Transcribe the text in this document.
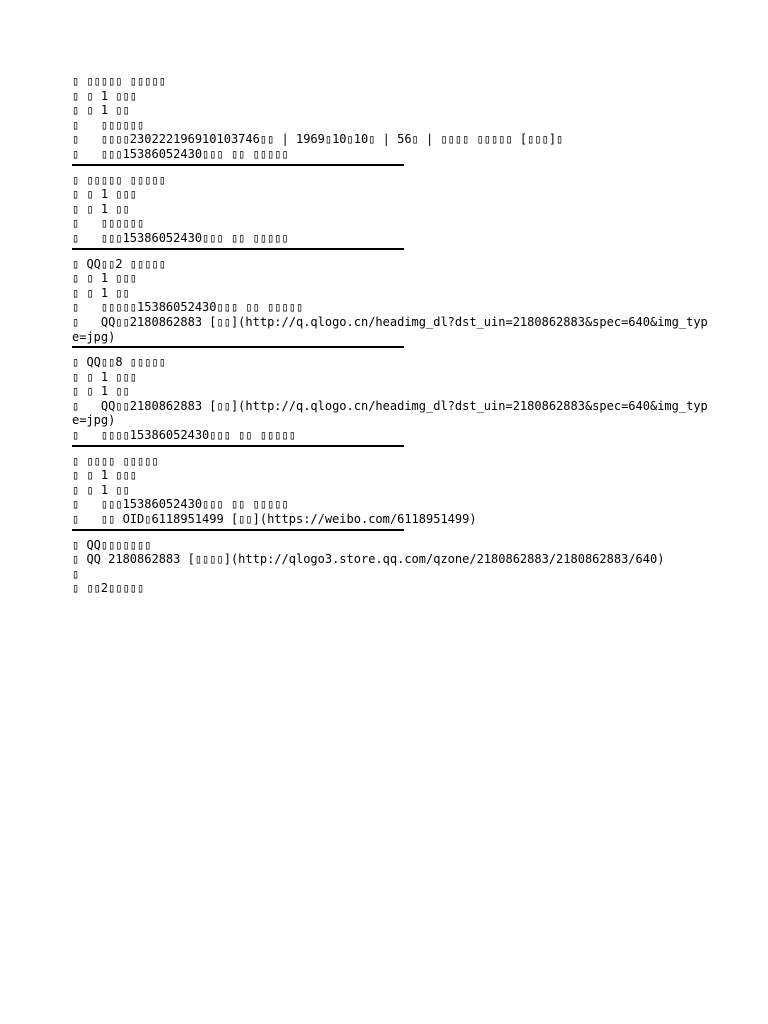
▯ ▯▯▯▯▯ ▯▯▯▯▯

▯ ▯ 1 ▯▯▯

▯ ▯ 1 ▯▯

▯   ▯▯▯▯▯▯

▯   ▯▯▯▯230222196910103746▯▯ | 1969▯10▯10▯ | 56▯ | ▯▯▯▯ ▯▯▯▯▯ [▯▯▯]▯

▯   ▯▯▯15386052430▯▯▯ ▯▯ ▯▯▯▯▯

▯ ▯▯▯▯▯ ▯▯▯▯▯

▯ ▯ 1 ▯▯▯

▯ ▯ 1 ▯▯

▯   ▯▯▯▯▯▯

▯   ▯▯▯15386052430▯▯▯ ▯▯ ▯▯▯▯▯

▯ QQ▯▯2 ▯▯▯▯▯

▯ ▯ 1 ▯▯▯

▯ ▯ 1 ▯▯

▯   ▯▯▯▯▯15386052430▯▯▯ ▯▯ ▯▯▯▯▯

▯   QQ▯▯2180862883 [▯▯](http://q.qlogo.cn/headimg_dl?dst_uin=2180862883&spec=640&img_type=jpg)

▯ QQ▯▯8 ▯▯▯▯▯

▯ ▯ 1 ▯▯▯

▯ ▯ 1 ▯▯

▯   QQ▯▯2180862883 [▯▯](http://q.qlogo.cn/headimg_dl?dst_uin=2180862883&spec=640&img_type=jpg)

▯   ▯▯▯▯15386052430▯▯▯ ▯▯ ▯▯▯▯▯

▯ ▯▯▯▯ ▯▯▯▯▯

▯ ▯ 1 ▯▯▯

▯ ▯ 1 ▯▯

▯   ▯▯▯15386052430▯▯▯ ▯▯ ▯▯▯▯▯

▯   ▯▯ OID▯6118951499 [▯▯](https://weibo.com/6118951499)

▯ QQ▯▯▯▯▯▯▯

▯ QQ 2180862883 [▯▯▯▯](http://qlogo3.store.qq.com/qzone/2180862883/2180862883/640)

▯

▯ ▯▯2▯▯▯▯▯
